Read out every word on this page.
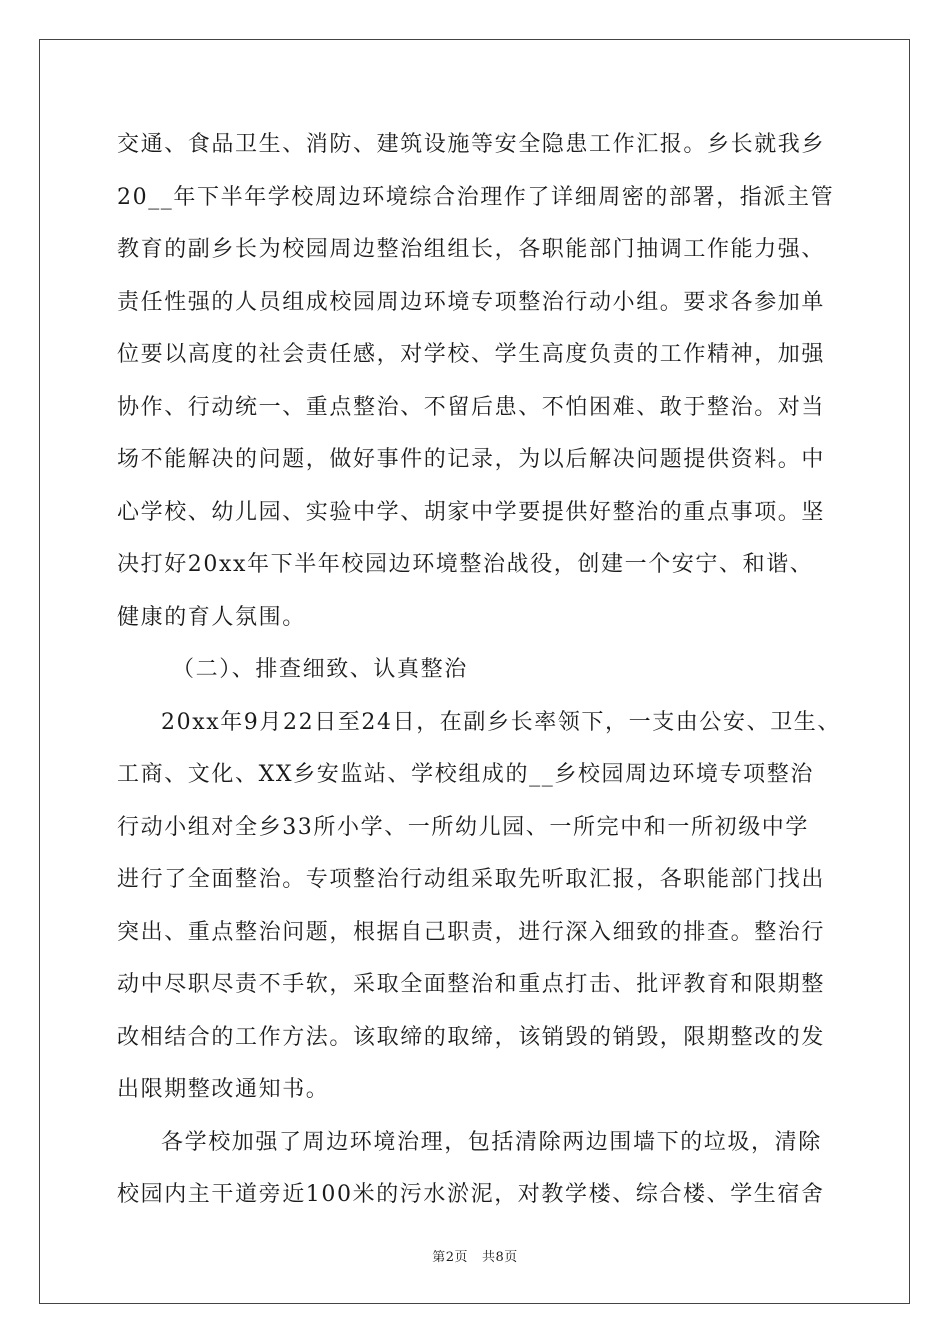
交通、食品卫生、消防、建筑设施等安全隐患工作汇报。乡长就我乡
20__年下半年学校周边环境综合治理作了详细周密的部署，指派主管
教育的副乡长为校园周边整治组组长，各职能部门抽调工作能力强、
责任性强的人员组成校园周边环境专项整治行动小组。要求各参加单
位要以高度的社会责任感，对学校、学生高度负责的工作精神，加强
协作、行动统一、重点整治、不留后患、不怕困难、敢于整治。对当
场不能解决的问题，做好事件的记录，为以后解决问题提供资料。中
心学校、幼儿园、实验中学、胡家中学要提供好整治的重点事项。坚
决打好20xx年下半年校园边环境整治战役，创建一个安宁、和谐、
健康的育人氛围。
（二）、排查细致、认真整治
20xx年9月22日至24日，在副乡长率领下，一支由公安、卫生、
工商、文化、XX乡安监站、学校组成的__乡校园周边环境专项整治
行动小组对全乡33所小学、一所幼儿园、一所完中和一所初级中学
进行了全面整治。专项整治行动组采取先听取汇报，各职能部门找出
突出、重点整治问题，根据自己职责，进行深入细致的排查。整治行
动中尽职尽责不手软，采取全面整治和重点打击、批评教育和限期整
改相结合的工作方法。该取缔的取缔，该销毁的销毁，限期整改的发
出限期整改通知书。
各学校加强了周边环境治理，包括清除两边围墙下的垃圾，清除
校园内主干道旁近100米的污水淤泥，对教学楼、综合楼、学生宿舍
第2页 共8页
